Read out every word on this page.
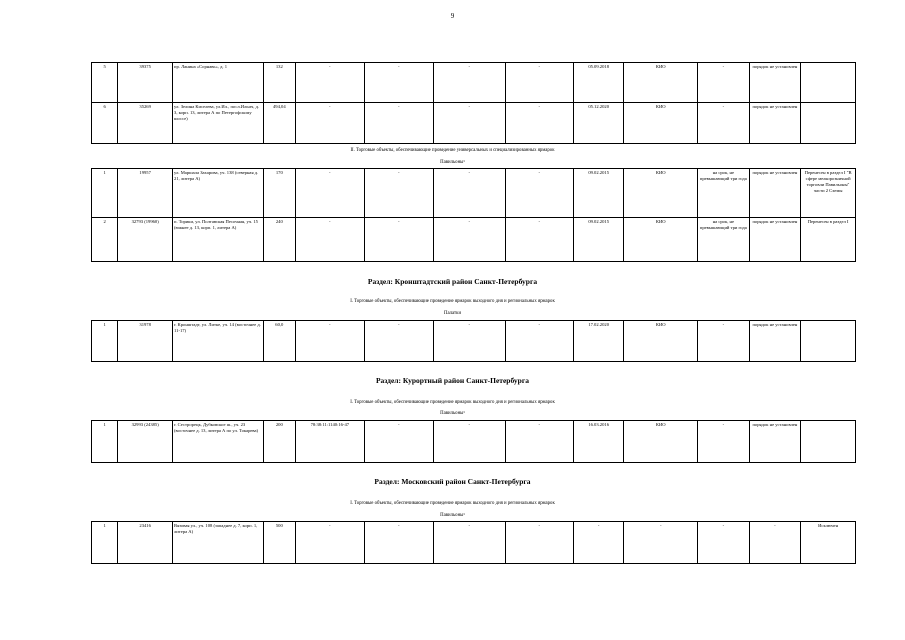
9
5	39375	пр. Ланина «Сорнавь», д. 1	132	-	-	-	-	05.09.2018	КИО	-	порядок не установлен	
6	35269	ул. Зелина Киселева, ул.Ил., посл.Ильич, д. 3, корп. 13, литера А по Петергофскому шоссе)	494,04	-	-	-	-	05.12.2020	КИО	-	порядок не установлен	
II. Торговые объекты, обеспечивающие проведение универсальных и специализированных ярмарок
Павильоны¹
1	19957	ул. Маршала Захарова, уч. 138 (северная д. 21, литера А)	170	-	-	-	-	09.02.2015	КИО	на срок, не превышающий три года	порядок не установлен	Перенесен в раздел I "В сфере мелкорозничной торговли Павильоны" части 2 Схемы
2	32793 (19960)	п. Торики, ул. Полтавская Песочная, уч. 15 (южнее д. 13, корп. 1, литера А)	240	-	-	-	-	09.02.2015	КИО	на срок, не превышающий три года	порядок не установлен	Перенесен в раздел I
Раздел: Кронштадтский район Санкт-Петербурга
I. Торговые объекты, обеспечивающие проведение ярмарок выходного дня и региональных ярмарок
Палатки
1	31978	г. Кронштадт, ул. Литке, уч. 14 (восточнее д. 11-17)	60,0	-	-	-	-	17.02.2020	КИО	-	порядок не установлен	
Раздел: Курортный район Санкт-Петербурга
I. Торговые объекты, обеспечивающие проведение ярмарок выходного дня и региональных ярмарок
Павильоны¹
1	32993 (24385)	г. Сестрорецк, Дубковское ш., уч. 23 (восточнее д. 13, литера А по ул. Токарева)	200	78:38:11:1140:16-47	-	-	-	16.03.2016	КИО	-	порядок не установлен	
Раздел: Московский район Санкт-Петербурга
I. Торговые объекты, обеспечивающие проведение ярмарок выходного дня и региональных ярмарок
Павильоны¹
1	23416	Вязовая ул., уч. 108 (западнее д. 7, корп. 1, литера А)	500	-	-	-	-	-	-	-	-	Исключен
